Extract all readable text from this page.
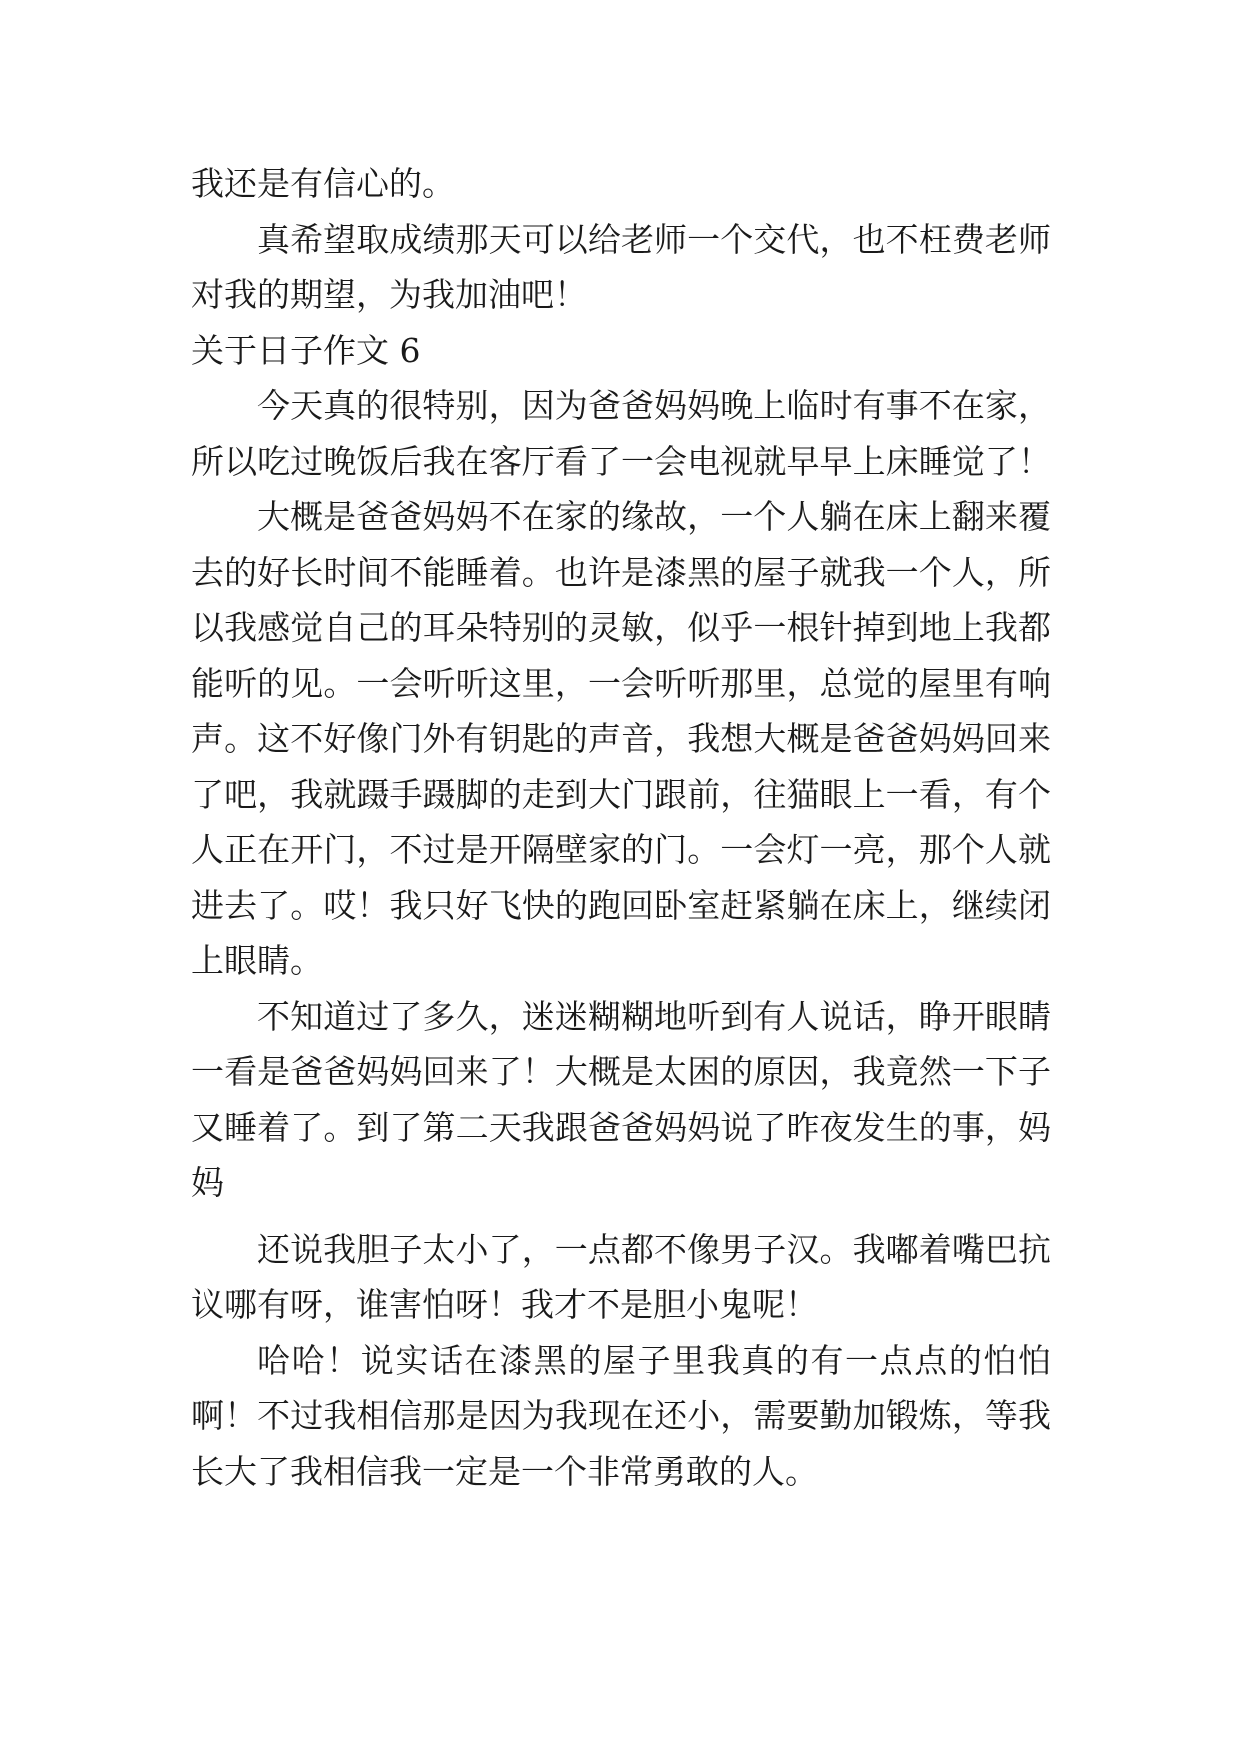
我还是有信心的。
真希望取成绩那天可以给老师一个交代，也不枉费老师
对我的期望，为我加油吧！
关于日子作文 6
今天真的很特别，因为爸爸妈妈晚上临时有事不在家，
所以吃过晚饭后我在客厅看了一会电视就早早上床睡觉了！
大概是爸爸妈妈不在家的缘故，一个人躺在床上翻来覆
去的好长时间不能睡着。也许是漆黑的屋子就我一个人，所
以我感觉自己的耳朵特别的灵敏，似乎一根针掉到地上我都
能听的见。一会听听这里，一会听听那里，总觉的屋里有响
声。这不好像门外有钥匙的声音，我想大概是爸爸妈妈回来
了吧，我就蹑手蹑脚的走到大门跟前，往猫眼上一看，有个
人正在开门，不过是开隔壁家的门。一会灯一亮，那个人就
进去了。哎！我只好飞快的跑回卧室赶紧躺在床上，继续闭
上眼睛。
不知道过了多久，迷迷糊糊地听到有人说话，睁开眼睛
一看是爸爸妈妈回来了！大概是太困的原因，我竟然一下子
又睡着了。到了第二天我跟爸爸妈妈说了昨夜发生的事，妈
妈
还说我胆子太小了，一点都不像男子汉。我嘟着嘴巴抗
议哪有呀，谁害怕呀！我才不是胆小鬼呢！
哈哈！说实话在漆黑的屋子里我真的有一点点的怕怕
啊！不过我相信那是因为我现在还小，需要勤加锻炼，等我
长大了我相信我一定是一个非常勇敢的人。
